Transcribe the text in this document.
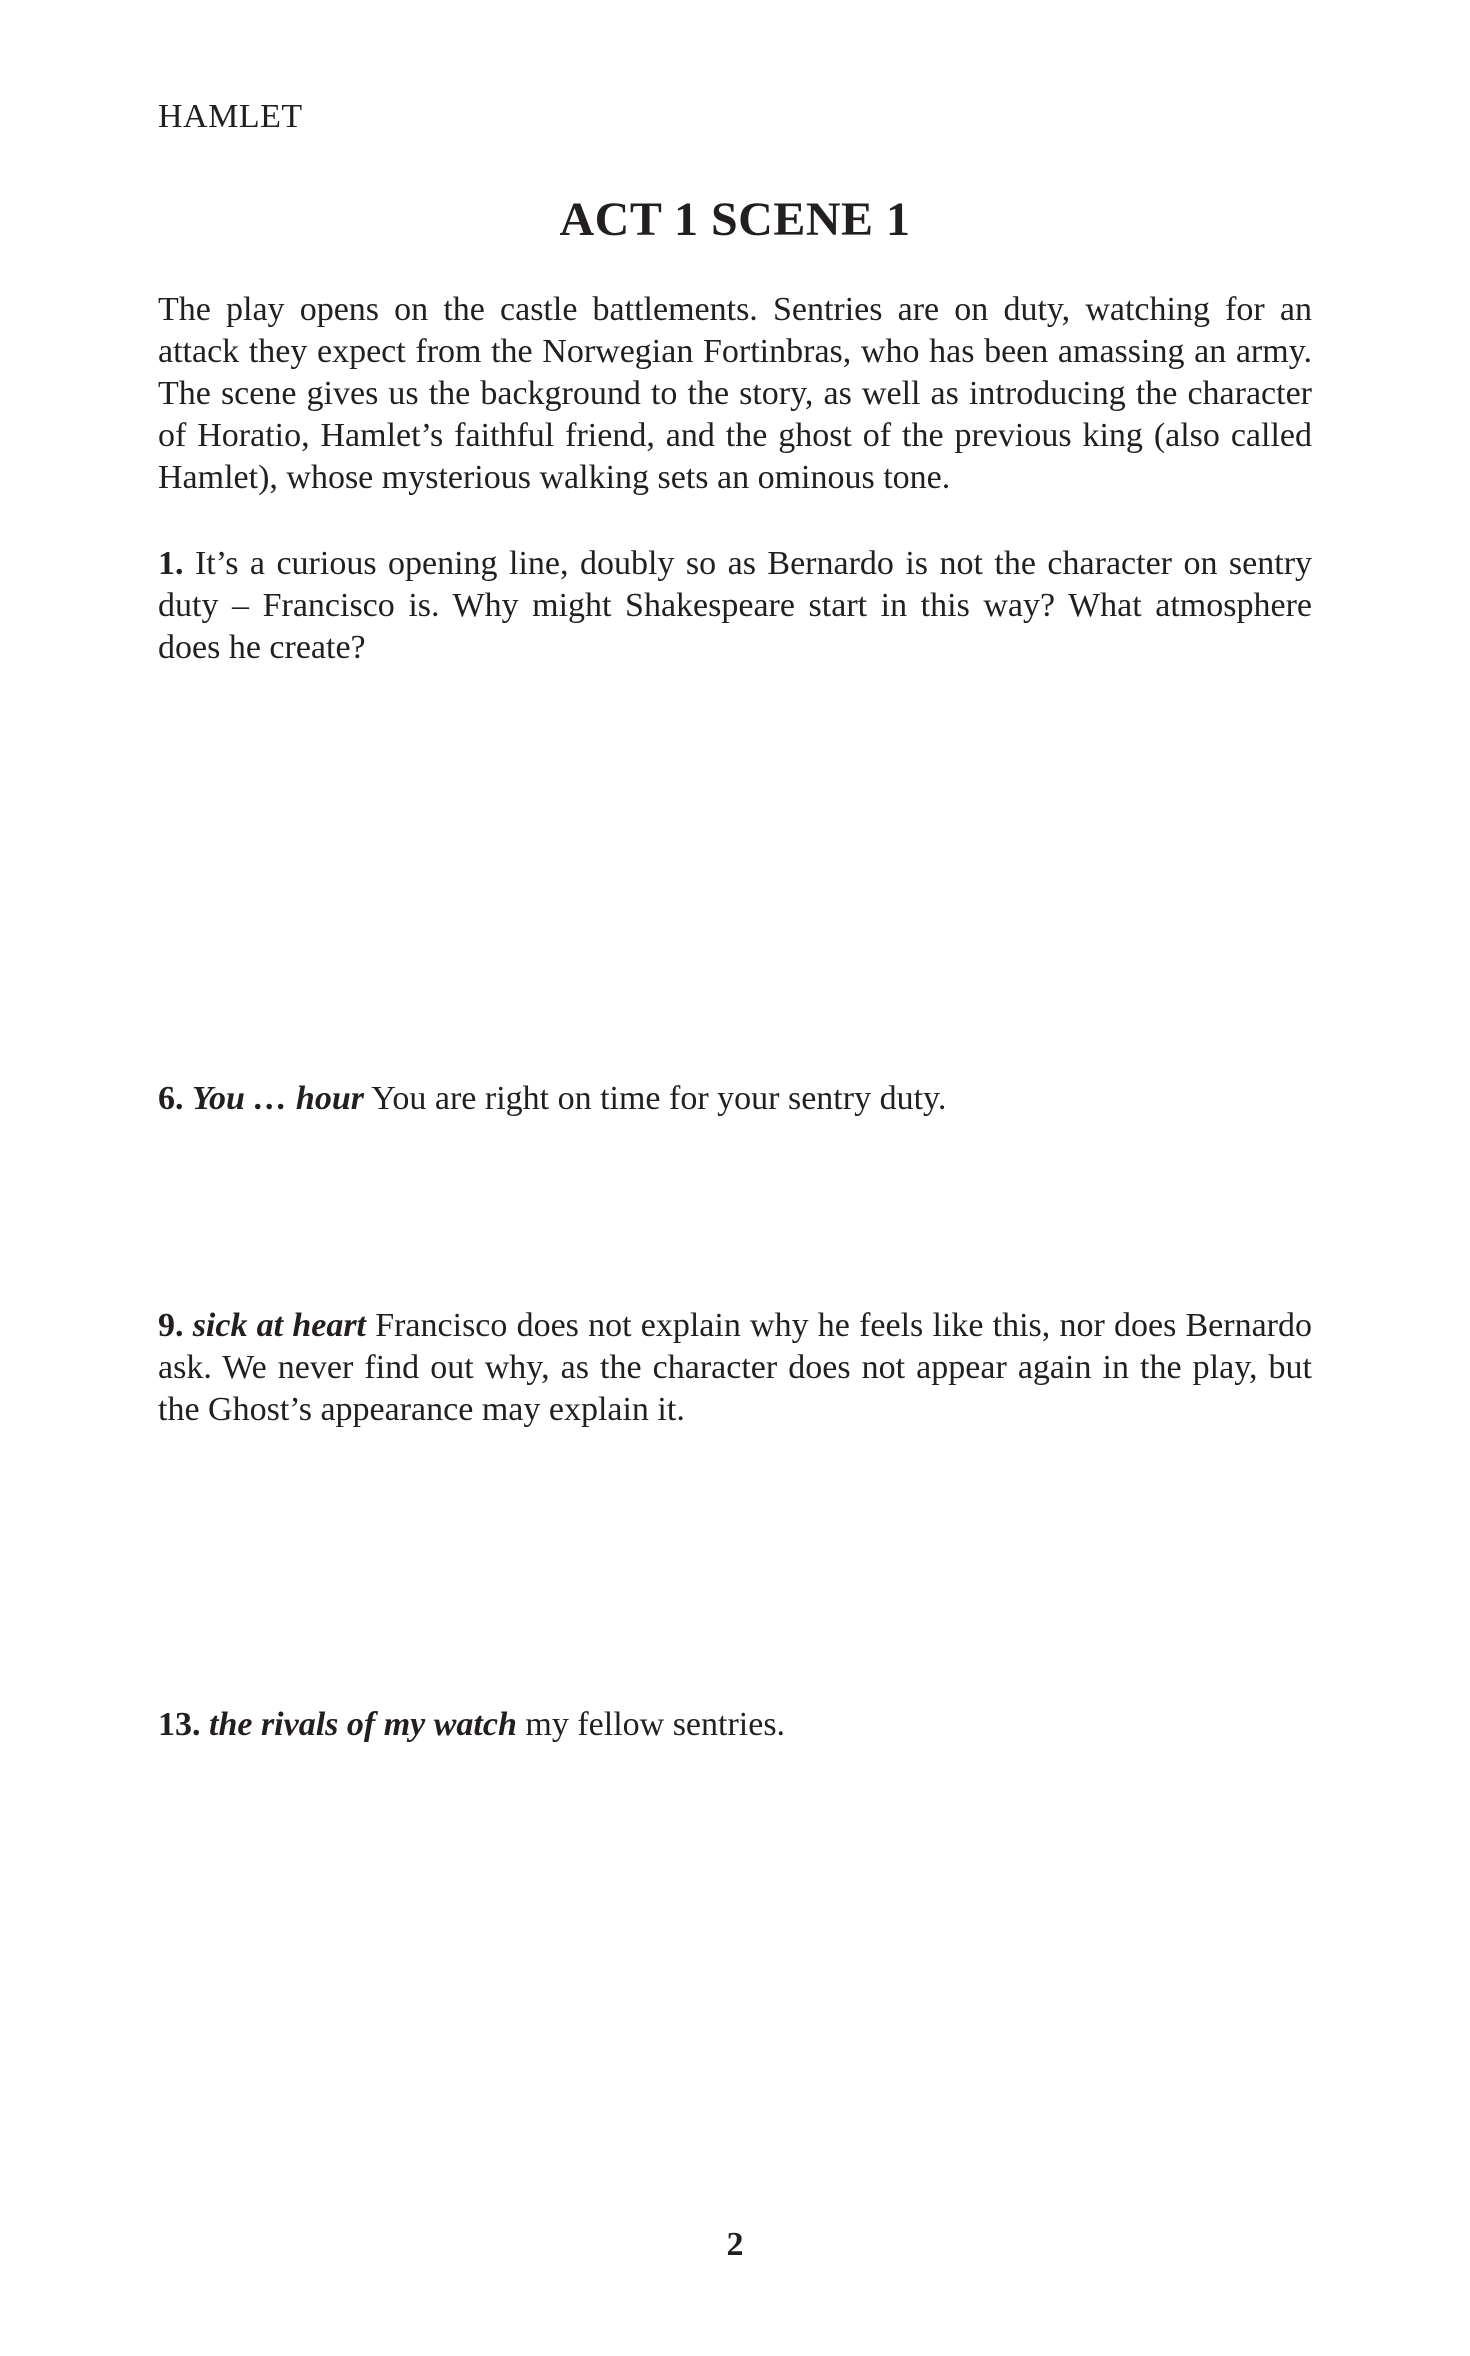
HAMLET
ACT 1 SCENE 1

The play opens on the castle battlements. Sentries are on duty, watching for an attack they expect from the Norwegian Fortinbras, who has been amassing an army. The scene gives us the background to the story, as well as introducing the character of Horatio, Hamlet’s faithful friend, and the ghost of the previous king (also called Hamlet), whose mysterious walking sets an ominous tone.

1. It’s a curious opening line, doubly so as Bernardo is not the character on sentry duty – Francisco is. Why might Shakespeare start in this way? What atmosphere does he create?

6. You … hour You are right on time for your sentry duty.

9. sick at heart Francisco does not explain why he feels like this, nor does Bernardo ask. We never find out why, as the character does not appear again in the play, but the Ghost’s appearance may explain it.

13. the rivals of my watch my fellow sentries.

2
